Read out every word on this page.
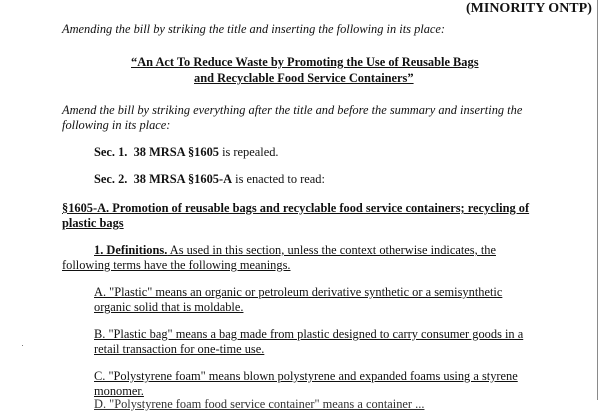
(MINORITY ONTP)
Amending the bill by striking the title and inserting the following in its place:
“An Act To Reduce Waste by Promoting the Use of Reusable Bags
and Recyclable Food Service Containers”
Amend the bill by striking everything after the title and before the summary and inserting the
following in its place:
Sec. 1. 38 MRSA §1605 is repealed.
Sec. 2. 38 MRSA §1605-A is enacted to read:
§1605-A. Promotion of reusable bags and recyclable food service containers; recycling of
plastic bags
1. Definitions. As used in this section, unless the context otherwise indicates, the
following terms have the following meanings.
A. "Plastic" means an organic or petroleum derivative synthetic or a semisynthetic
organic solid that is moldable.
B. "Plastic bag" means a bag made from plastic designed to carry consumer goods in a
retail transaction for one-time use.
C. "Polystyrene foam" means blown polystyrene and expanded foams using a styrene
monomer.
D. "Polystyrene foam food service container" means a container ...
